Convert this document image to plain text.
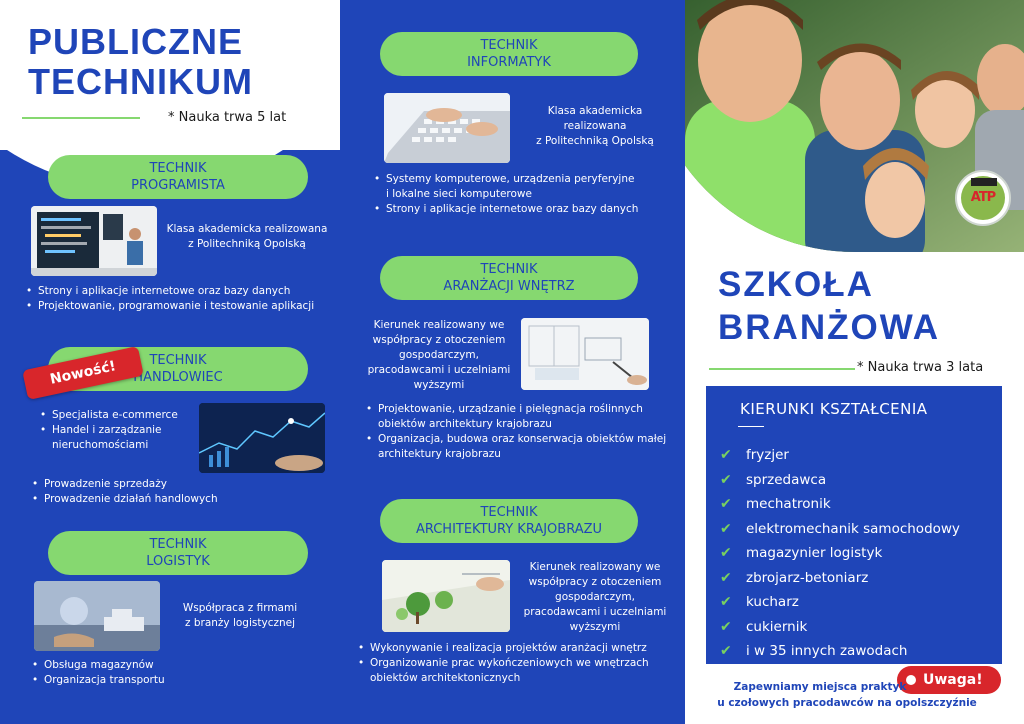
PUBLICZNE
TECHNIKUM
* Nauka trwa 5 lat
TECHNIK
PROGRAMISTA
Klasa akademicka realizowana
z Politechniką Opolską
• Strony i aplikacje internetowe oraz bazy danych
• Projektowanie, programowanie i testowanie aplikacji
TECHNIK
HANDLOWIEC
Nowość!
• Specjalista e-commerce
• Handel i zarządzanie
nieruchomościami
• Prowadzenie sprzedaży
• Prowadzenie działań handlowych
TECHNIK
LOGISTYK
Współpraca z firmami
z branży logistycznej
• Obsługa magazynów
• Organizacja transportu
TECHNIK
INFORMATYK
Klasa akademicka
realizowana
z Politechniką Opolską
• Systemy komputerowe, urządzenia peryferyjne
i lokalne sieci komputerowe
• Strony i aplikacje internetowe oraz bazy danych
TECHNIK
ARANŻACJI WNĘTRZ
Kierunek realizowany we
współpracy z otoczeniem
gospodarczym,
pracodawcami i uczelniami
wyższymi
• Projektowanie, urządzanie i pielęgnacja roślinnych
obiektów architektury krajobrazu
• Organizacja, budowa oraz konserwacja obiektów małej
architektury krajobrazu
TECHNIK
ARCHITEKTURY KRAJOBRAZU
Kierunek realizowany we
współpracy z otoczeniem
gospodarczym,
pracodawcami i uczelniami
wyższymi
• Wykonywanie i realizacja projektów aranżacji wnętrz
• Organizowanie prac wykończeniowych we wnętrzach
obiektów architektonicznych
ATP
SZKOŁA
BRANŻOWA
* Nauka trwa 3 lata
KIERUNKI KSZTAŁCENIA
✔ fryzjer
✔ sprzedawca
✔ mechatronik
✔ elektromechanik samochodowy
✔ magazynier logistyk
✔ zbrojarz-betoniarz
✔ kucharz
✔ cukiernik
✔ i w 35 innych zawodach
Uwaga!
Zapewniamy miejsca praktyk
u czołowych pracodawców na opolszczyźnie
